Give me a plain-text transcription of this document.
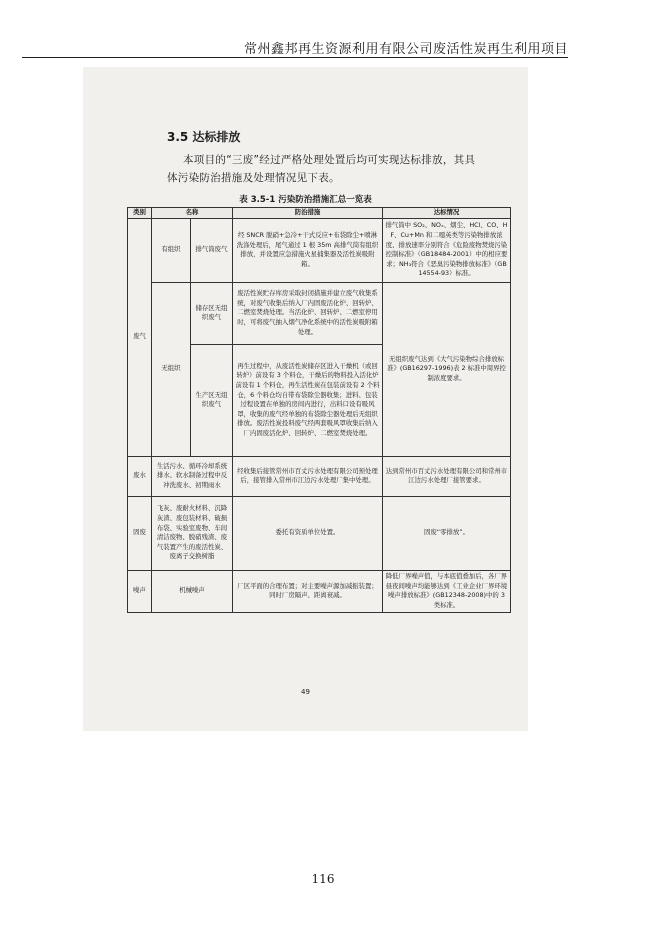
常州鑫邦再生资源利用有限公司废活性炭再生利用项目
3.5 达标排放
本项目的“三废”经过严格处理处置后均可实现达标排放，其具
体污染防治措施及处理情况见下表。
表 3.5-1 污染防治措施汇总一览表
类别	名称		防治措施	达标情况
废气	有组织	排气筒废气	经 SNCR 脱硝+急冷+干式反应+布袋除尘+喷淋洗涤处理后，尾气通过 1 根 35m 高排气筒有组织排放，并设置应急措施火星捕集器及活性炭吸附箱。	排气筒中 SO₂、NOₓ、烟尘、HCl、CO、HF、Cu+Mn 和二噁英类等污染物排放浓度、排放速率分别符合《危险废物焚烧污染控制标准》（GB18484-2001）中的相应要求；NH₃符合《恶臭污染物排放标准》（GB14554-93）标准。
	无组织	储存区无组织废气	废活性炭贮存库房采取封闭措施并建立废气收集系统，对废气收集后纳入厂内固废活化炉、回转炉、二燃室焚烧处理。当活化炉、回转炉、二燃室停用时，可将废气抽入烟气净化系统中的活性炭吸附箱处理。	无组织废气达到《大气污染物综合排放标准》(GB16297-1996)表 2 标准中周界控制浓度要求。
		生产区无组织废气	再生过程中，从废活性炭储存区进入干燥机（或回转炉）前设有 3 个料仓，干燥后的物料投入活化炉前设有 1 个料仓，再生活性炭在包装前设有 2 个料仓，6 个料仓均自带布袋除尘器收集；进料、包装过程设置在单独的房间内进行，出料口设有吸风罩，收集的废气经单独的布袋除尘器处理后无组织排放。废活性炭投料废气经两套吸风罩收集后纳入厂内固废活化炉、回转炉、二燃室焚烧处理。	
废水	生活污水、循环冷却系统排水、软水制备过程中反冲洗废水、初期雨水		经收集后接管常州市百丈污水处理有限公司预处理后，接管排入常州市江边污水处理厂集中处理。	达到常州市百丈污水处理有限公司和常州市江边污水处理厂接管要求。
固废	飞灰、废耐火材料、沉降灰渣、废包装材料、破损布袋、实验室废物、车间清洁废物、脱硝残渣、废气装置产生的废活性炭、废离子交换树脂		委托有资质单位处置。	固废“零排放”。
噪声	机械噪声		厂区平面的合理布置；对主要噪声源加减振装置；同时厂房隔声、距离衰减。	降低厂界噪声值，与本底值叠加后，各厂界昼夜间噪声均能够达到《工业企业厂界环境噪声排放标准》(GB12348-2008)中的 3 类标准。
49
116
